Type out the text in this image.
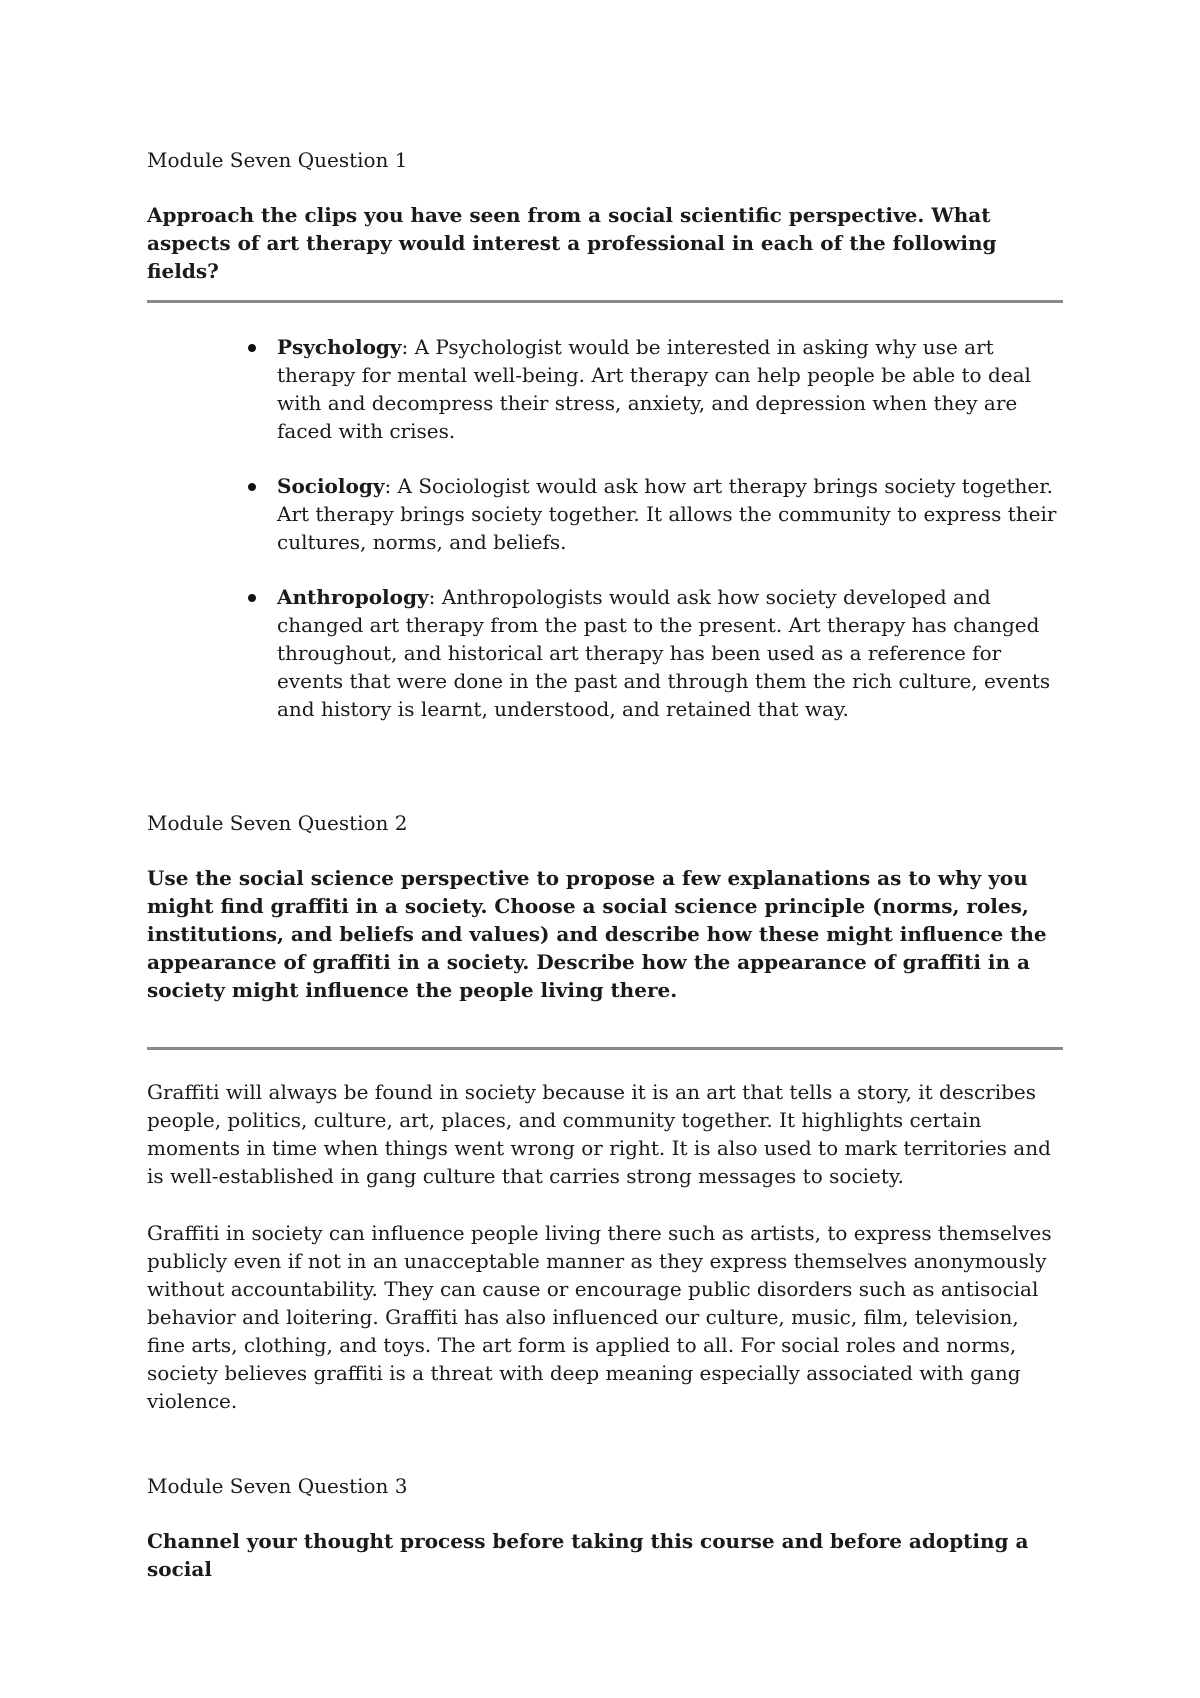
Module Seven Question 1

Approach the clips you have seen from a social scientific perspective. What aspects of art therapy would interest a professional in each of the following fields?

Psychology: A Psychologist would be interested in asking why use art therapy for mental well-being. Art therapy can help people be able to deal with and decompress their stress, anxiety, and depression when they are faced with crises.
Sociology: A Sociologist would ask how art therapy brings society together. Art therapy brings society together. It allows the community to express their cultures, norms, and beliefs.
Anthropology: Anthropologists would ask how society developed and changed art therapy from the past to the present. Art therapy has changed throughout, and historical art therapy has been used as a reference for events that were done in the past and through them the rich culture, events and history is learnt, understood, and retained that way.
Module Seven Question 2

Use the social science perspective to propose a few explanations as to why you might find graffiti in a society. Choose a social science principle (norms, roles, institutions, and beliefs and values) and describe how these might influence the appearance of graffiti in a society. Describe how the appearance of graffiti in a society might influence the people living there.

Graffiti will always be found in society because it is an art that tells a story, it describes people, politics, culture, art, places, and community together. It highlights certain moments in time when things went wrong or right. It is also used to mark territories and is well-established in gang culture that carries strong messages to society.

Graffiti in society can influence people living there such as artists, to express themselves publicly even if not in an unacceptable manner as they express themselves anonymously without accountability. They can cause or encourage public disorders such as antisocial behavior and loitering. Graffiti has also influenced our culture, music, film, television, fine arts, clothing, and toys. The art form is applied to all. For social roles and norms, society believes graffiti is a threat with deep meaning especially associated with gang violence.

Module Seven Question 3

Channel your thought process before taking this course and before adopting a social
